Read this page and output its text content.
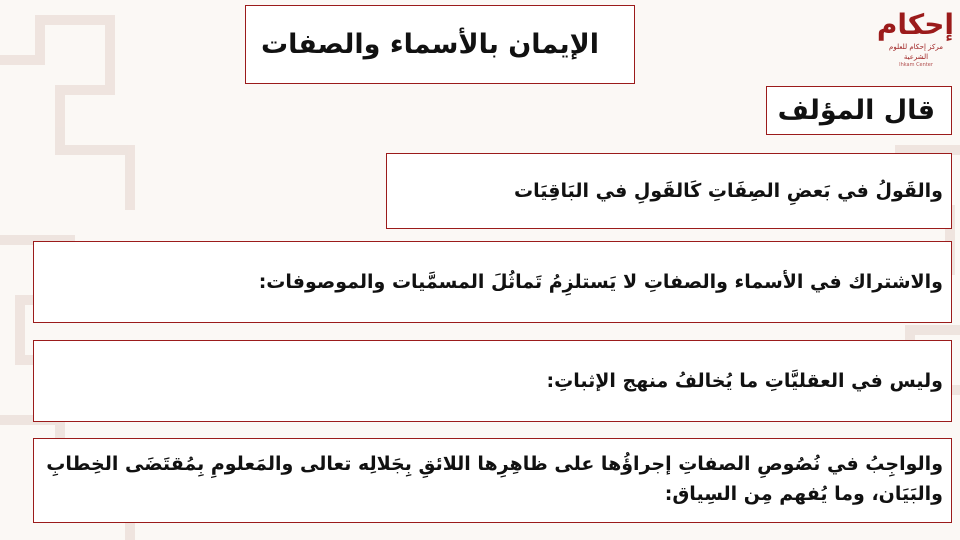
إحكام
مركز إحكام للعلوم الشرعية
Ihkam Center
الإيمان بالأسماء والصفات
قال المؤلف
والقَولُ في بَعضِ الصِفَاتِ كَالقَولِ في البَاقِيَات
والاشتراك في الأسماء والصفاتِ لا يَستلزِمُ تَماثُلَ المسمَّيات والموصوفات:
وليس في العقليَّاتِ ما يُخالفُ منهج الإثباتِ:
والواجِبُ في نُصُوصِ الصفاتِ إجراؤُها على ظاهِرِها اللائقِ بِجَلالِه تعالى والمَعلومِ بِمُقتَضَى الخِطابِ والبَيَان، وما يُفهم مِن السِياق:
